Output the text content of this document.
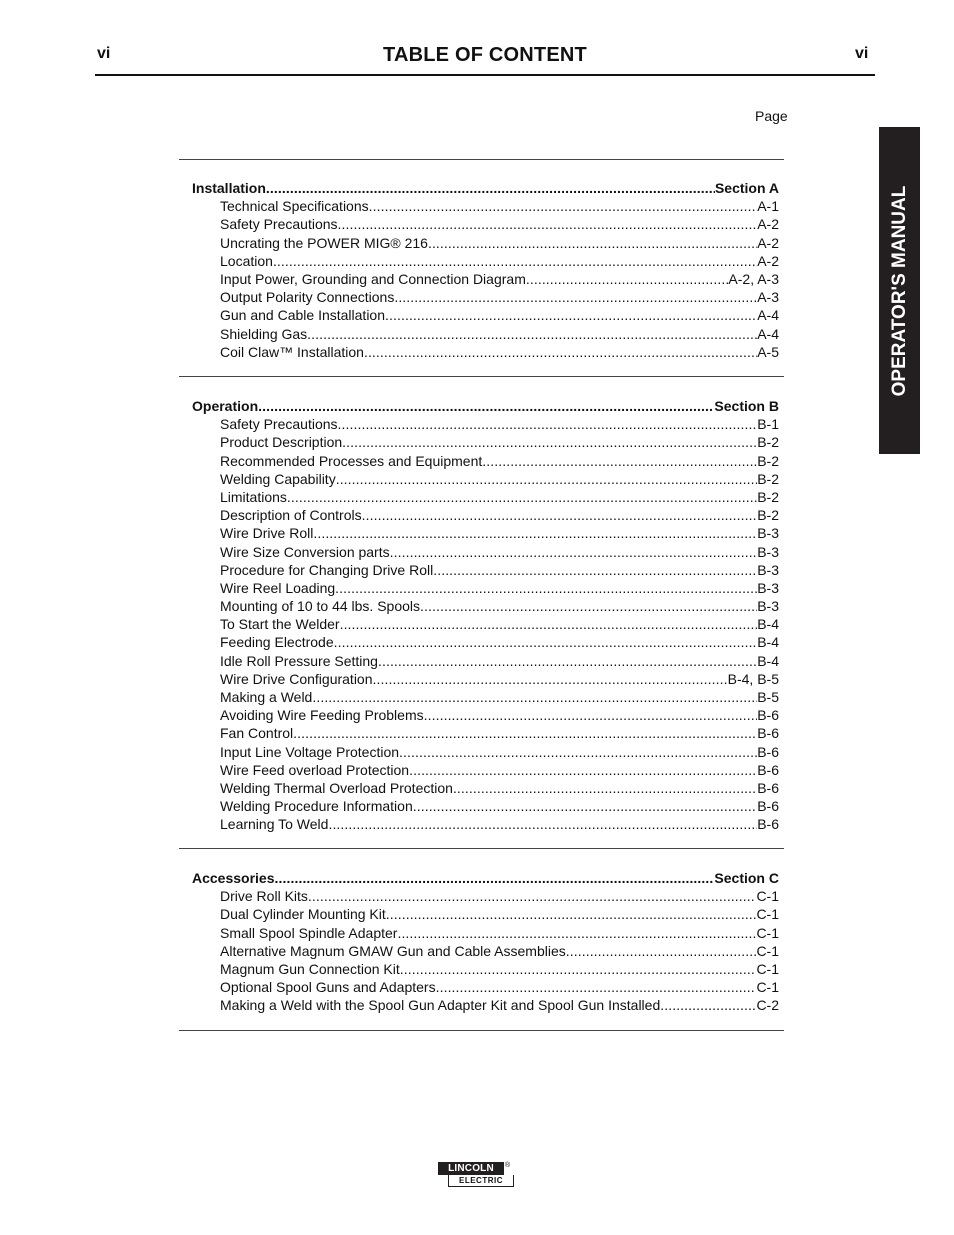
vi	TABLE OF CONTENT	vi
Page
OPERATOR'S MANUAL
Installation .....	Section A
Technical Specifications .....	A-1
Safety Precautions .....	A-2
Uncrating the POWER MIG® 216 .....	A-2
Location .....	A-2
Input Power, Grounding and Connection Diagram .....	A-2, A-3
Output Polarity Connections .....	A-3
Gun and Cable Installation .....	A-4
Shielding Gas .....	A-4
Coil Claw™ Installation .....	A-5
Operation .....	Section B
Safety Precautions .....	B-1
Product Description .....	B-2
Recommended Processes and Equipment .....	B-2
Welding Capability .....	B-2
Limitations .....	B-2
Description of Controls .....	B-2
Wire Drive Roll .....	B-3
Wire Size Conversion parts .....	B-3
Procedure for Changing Drive Roll .....	B-3
Wire Reel Loading .....	B-3
Mounting of 10 to 44 lbs. Spools .....	B-3
To Start the Welder .....	B-4
Feeding Electrode .....	B-4
Idle Roll Pressure Setting .....	B-4
Wire Drive Configuration .....	B-4, B-5
Making a Weld .....	B-5
Avoiding Wire Feeding Problems .....	B-6
Fan Control .....	B-6
Input Line Voltage Protection .....	B-6
Wire Feed overload Protection .....	B-6
Welding Thermal Overload Protection .....	B-6
Welding Procedure Information .....	B-6
Learning To Weld .....	B-6
Accessories .....	Section C
Drive Roll Kits .....	C-1
Dual Cylinder Mounting Kit .....	C-1
Small Spool Spindle Adapter .....	C-1
Alternative Magnum GMAW Gun and Cable Assemblies .....	C-1
Magnum Gun Connection Kit .....	C-1
Optional Spool Guns and Adapters .....	C-1
Making a Weld with the Spool Gun Adapter Kit and Spool Gun Installed .....	C-2
LINCOLN	®
ELECTRIC
